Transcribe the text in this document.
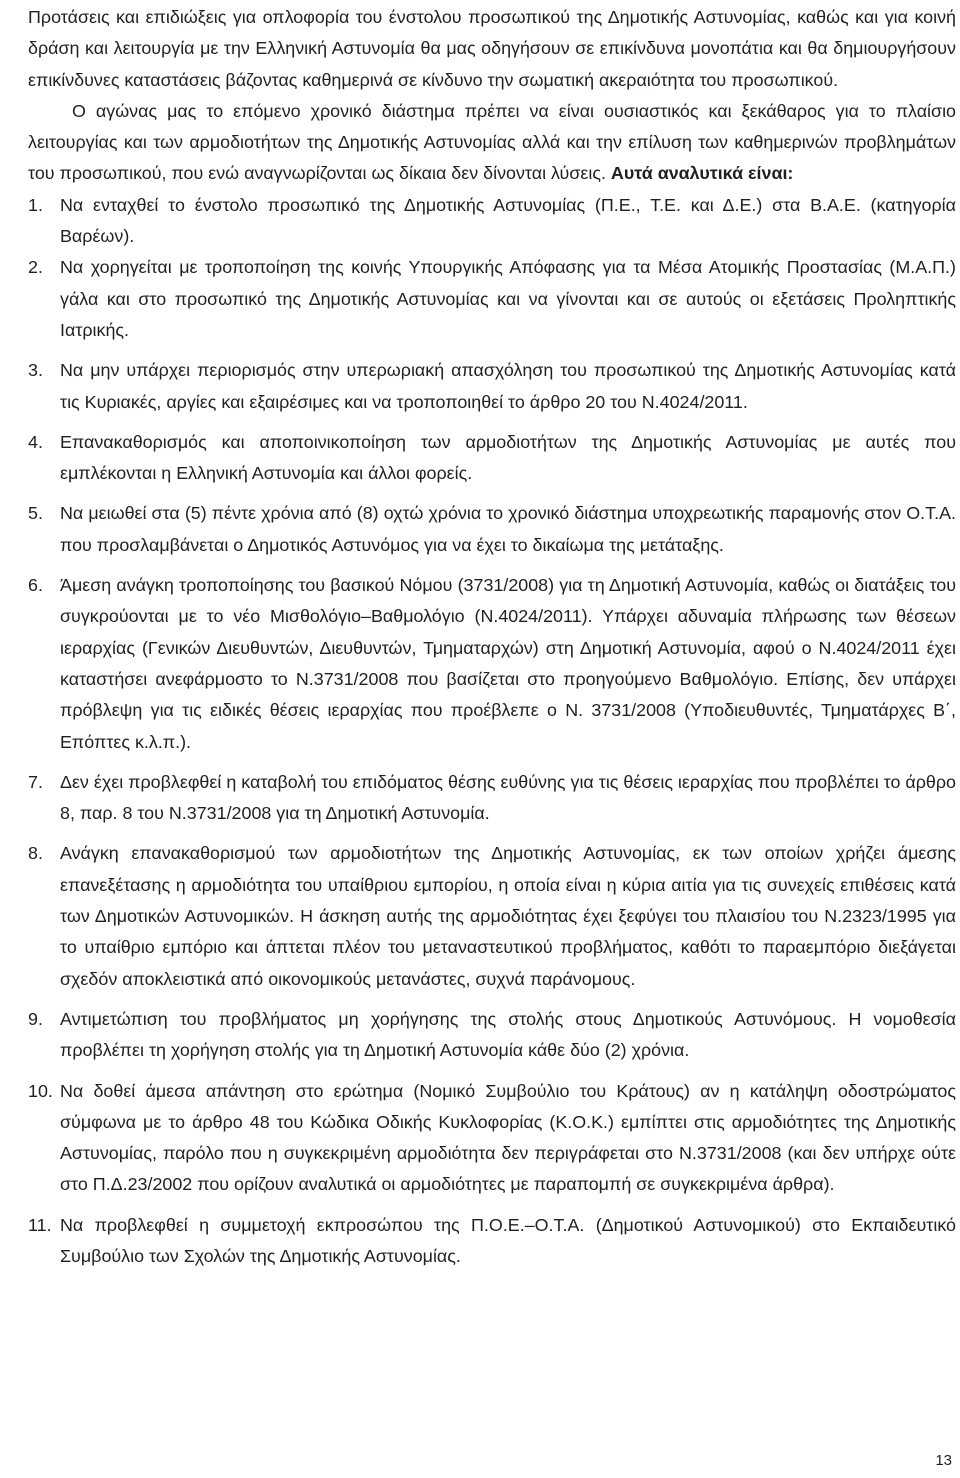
Προτάσεις και επιδιώξεις για οπλοφορία του ένστολου προσωπικού της Δημοτικής Αστυνομίας, καθώς και για κοινή δράση και λειτουργία με την Ελληνική Αστυνομία θα μας οδηγήσουν σε επικίνδυνα μονοπάτια και θα δημιουργήσουν επικίνδυνες καταστάσεις βάζοντας καθημερινά σε κίνδυνο την σωματική ακεραιότητα του προσωπικού.

Ο αγώνας μας το επόμενο χρονικό διάστημα πρέπει να είναι ουσιαστικός και ξεκάθαρος για το πλαίσιο λειτουργίας και των αρμοδιοτήτων της Δημοτικής Αστυνομίας αλλά και την επίλυση των καθημερινών προβλημάτων του προσωπικού, που ενώ αναγνωρίζονται ως δίκαια δεν δίνονται λύσεις. Αυτά αναλυτικά είναι:

1. Να ενταχθεί το ένστολο προσωπικό της Δημοτικής Αστυνομίας (Π.Ε., Τ.Ε. και Δ.Ε.) στα Β.Α.Ε. (κατηγορία Βαρέων).
2. Να χορηγείται με τροποποίηση της κοινής Υπουργικής Απόφασης για τα Μέσα Ατομικής Προστασίας (Μ.Α.Π.) γάλα και στο προσωπικό της Δημοτικής Αστυνομίας και να γίνονται και σε αυτούς οι εξετάσεις Προληπτικής Ιατρικής.
3. Να μην υπάρχει περιορισμός στην υπερωριακή απασχόληση του προσωπικού της Δημοτικής Αστυνομίας κατά τις Κυριακές, αργίες και εξαιρέσιμες και να τροποποιηθεί το άρθρο 20 του Ν.4024/2011.
4. Επανακαθορισμός και αποποινικοποίηση των αρμοδιοτήτων της Δημοτικής Αστυνομίας με αυτές που εμπλέκονται η Ελληνική Αστυνομία και άλλοι φορείς.
5. Να μειωθεί στα (5) πέντε χρόνια από (8) οχτώ χρόνια το χρονικό διάστημα υποχρεωτικής παραμονής στον Ο.Τ.Α. που προσλαμβάνεται ο Δημοτικός Αστυνόμος για να έχει το δικαίωμα της μετάταξης.
6. Άμεση ανάγκη τροποποίησης του βασικού Νόμου (3731/2008) για τη Δημοτική Αστυνομία, καθώς οι διατάξεις του συγκρούονται με το νέο Μισθολόγιο–Βαθμολόγιο (Ν.4024/2011). Υπάρχει αδυναμία πλήρωσης των θέσεων ιεραρχίας (Γενικών Διευθυντών, Διευθυντών, Τμηματαρχών) στη Δημοτική Αστυνομία, αφού ο Ν.4024/2011 έχει καταστήσει ανεφάρμοστο το Ν.3731/2008 που βασίζεται στο προηγούμενο Βαθμολόγιο. Επίσης, δεν υπάρχει πρόβλεψη για τις ειδικές θέσεις ιεραρχίας που προέβλεπε ο Ν. 3731/2008 (Υποδιευθυντές, Τμηματάρχες Β΄, Επόπτες κ.λ.π.).
7. Δεν έχει προβλεφθεί η καταβολή του επιδόματος θέσης ευθύνης για τις θέσεις ιεραρχίας που προβλέπει το άρθρο 8, παρ. 8 του Ν.3731/2008 για τη Δημοτική Αστυνομία.
8. Ανάγκη επανακαθορισμού των αρμοδιοτήτων της Δημοτικής Αστυνομίας, εκ των οποίων χρήζει άμεσης επανεξέτασης η αρμοδιότητα του υπαίθριου εμπορίου, η οποία είναι η κύρια αιτία για τις συνεχείς επιθέσεις κατά των Δημοτικών Αστυνομικών. Η άσκηση αυτής της αρμοδιότητας έχει ξεφύγει του πλαισίου του Ν.2323/1995 για το υπαίθριο εμπόριο και άπτεται πλέον του μεταναστευτικού προβλήματος, καθότι το παραεμπόριο διεξάγεται σχεδόν αποκλειστικά από οικονομικούς μετανάστες, συχνά παράνομους.
9. Αντιμετώπιση του προβλήματος μη χορήγησης της στολής στους Δημοτικούς Αστυνόμους. Η νομοθεσία προβλέπει τη χορήγηση στολής για τη Δημοτική Αστυνομία κάθε δύο (2) χρόνια.
10. Να δοθεί άμεσα απάντηση στο ερώτημα (Νομικό Συμβούλιο του Κράτους) αν η κατάληψη οδοστρώματος σύμφωνα με το άρθρο 48 του Κώδικα Οδικής Κυκλοφορίας (Κ.Ο.Κ.) εμπίπτει στις αρμοδιότητες της Δημοτικής Αστυνομίας, παρόλο που η συγκεκριμένη αρμοδιότητα δεν περιγράφεται στο Ν.3731/2008 (και δεν υπήρχε ούτε στο Π.Δ.23/2002 που ορίζουν αναλυτικά οι αρμοδιότητες με παραπομπή σε συγκεκριμένα άρθρα).
11. Να προβλεφθεί η συμμετοχή εκπροσώπου της Π.Ο.Ε.–Ο.Τ.Α. (Δημοτικού Αστυνομικού) στο Εκπαιδευτικό Συμβούλιο των Σχολών της Δημοτικής Αστυνομίας.
13
